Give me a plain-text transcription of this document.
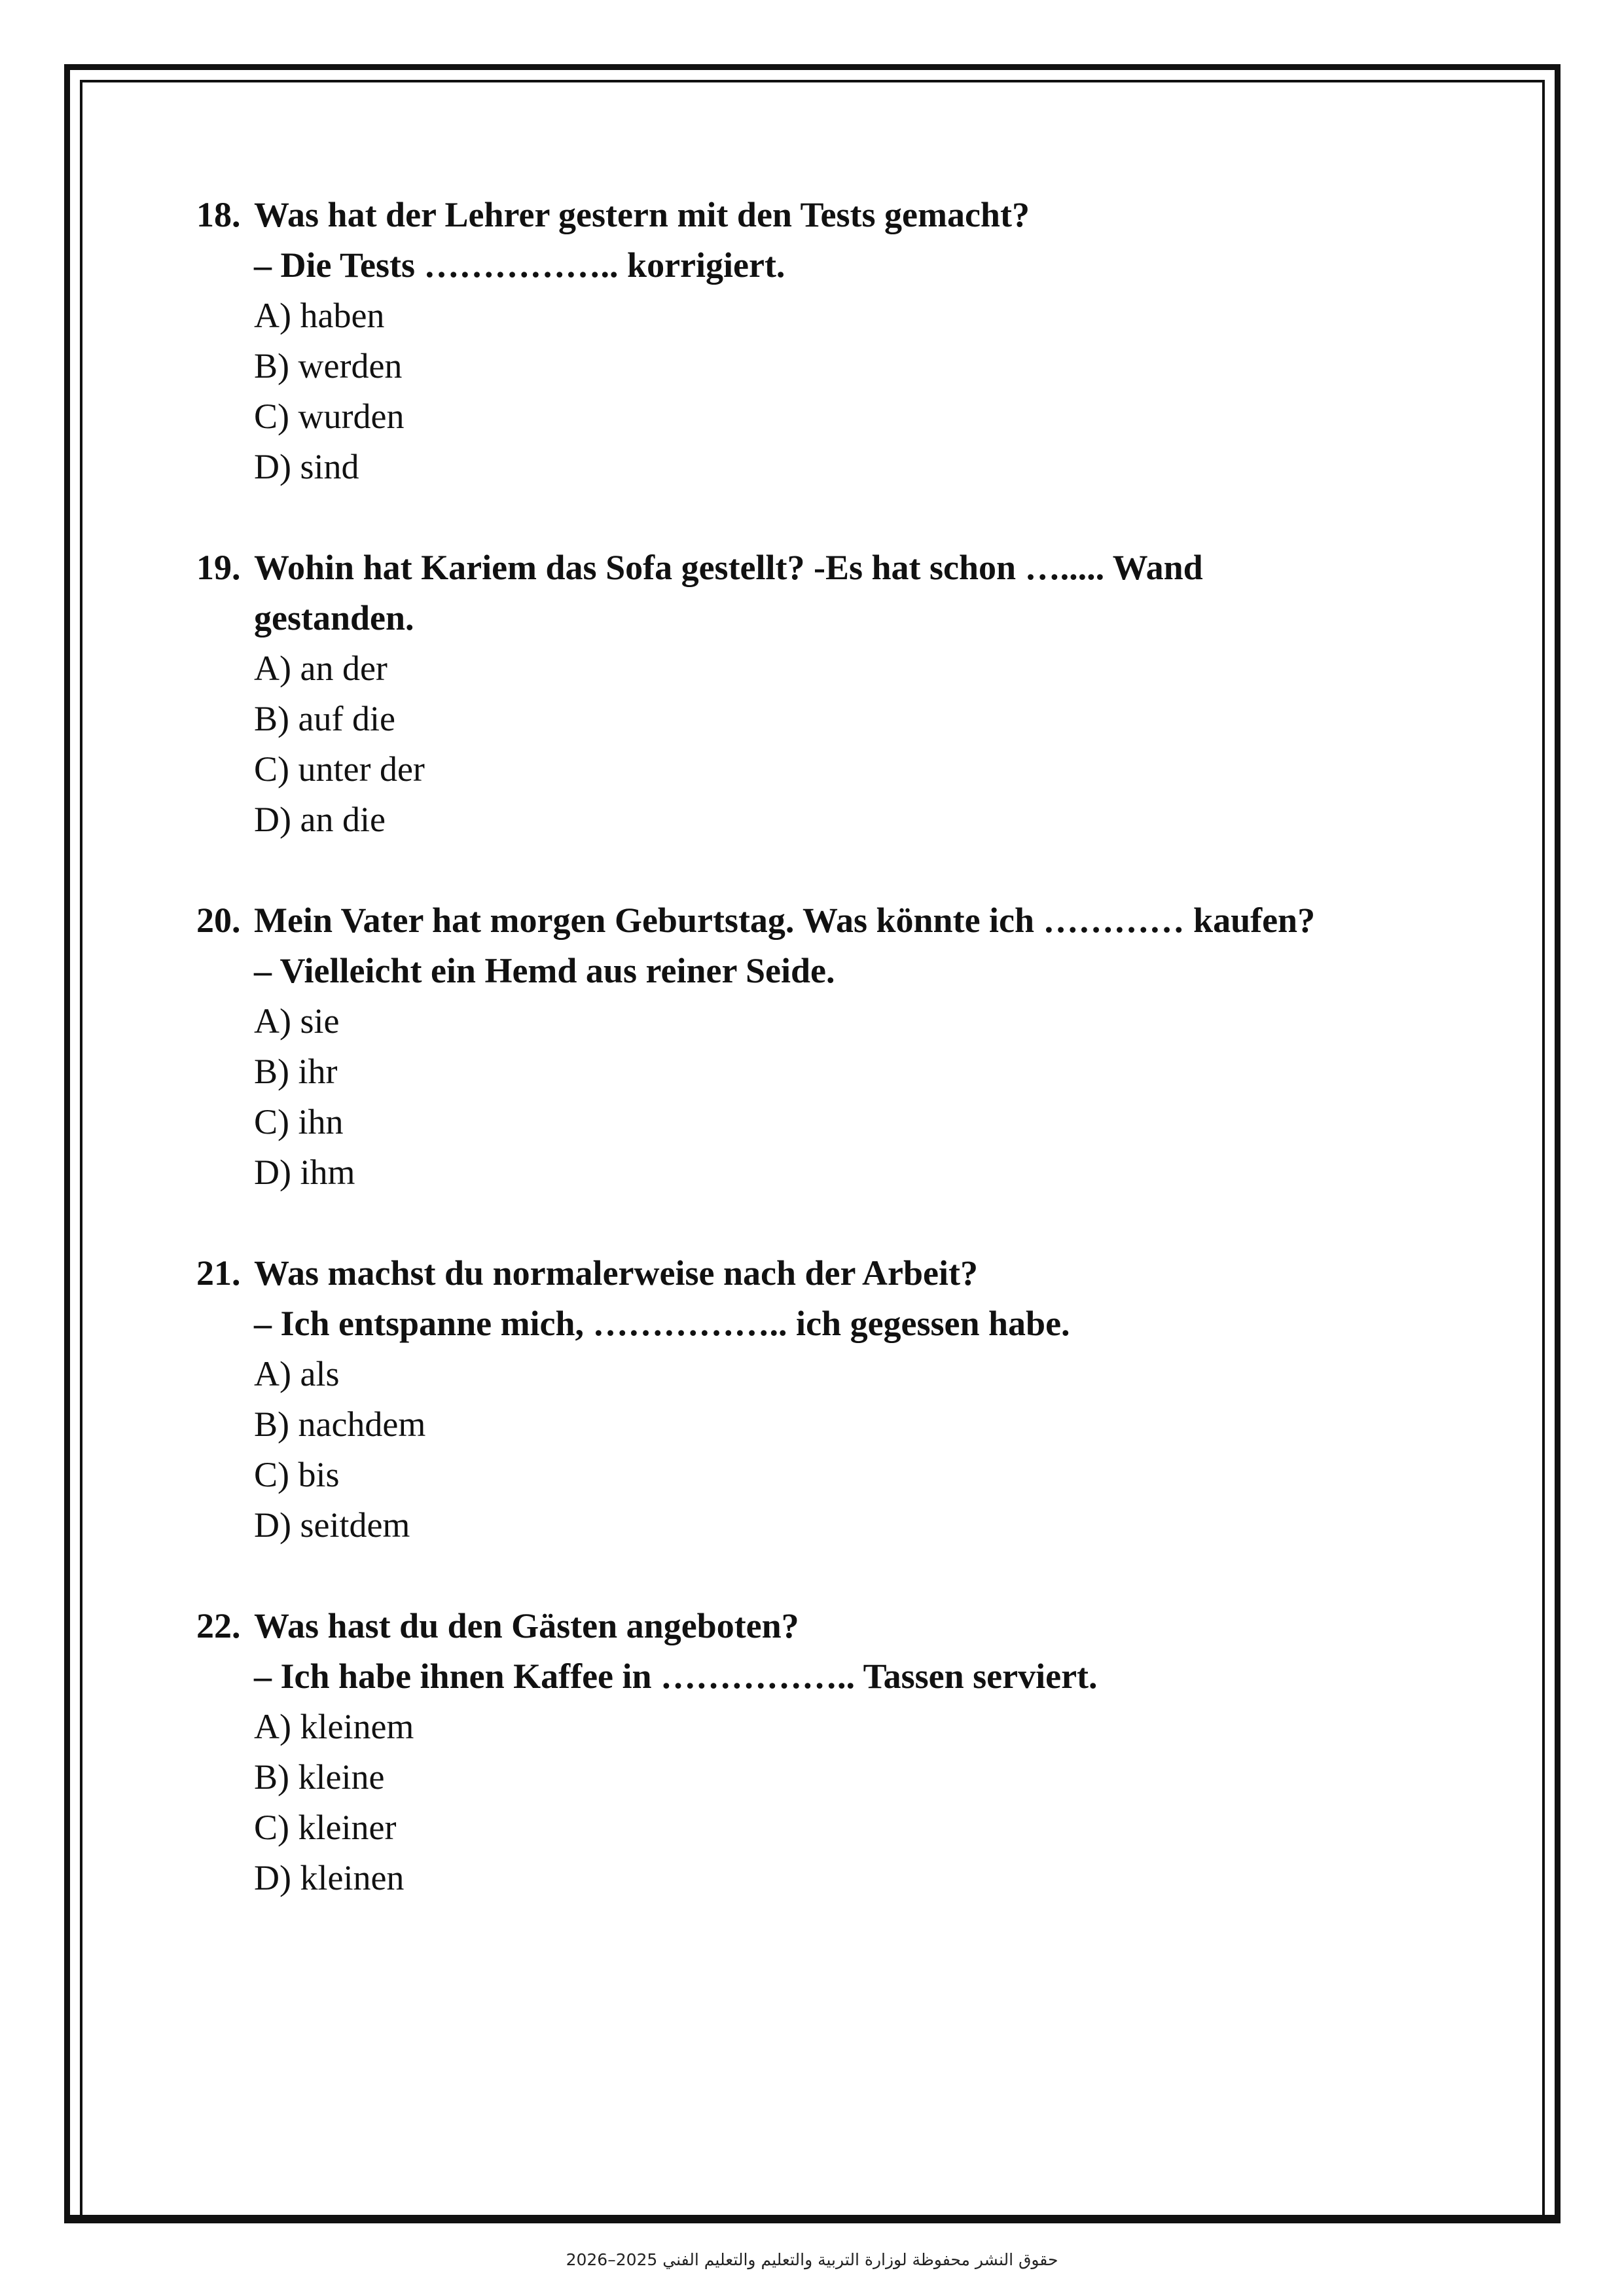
18. Was hat der Lehrer gestern mit den Tests gemacht?
– Die Tests …………….. korrigiert.
A) haben
B) werden
C) wurden
D) sind
19. Wohin hat Kariem das Sofa gestellt? -Es hat schon …..... Wand
gestanden.
A) an der
B) auf die
C) unter der
D) an die
20. Mein Vater hat morgen Geburtstag. Was könnte ich ………… kaufen?
– Vielleicht ein Hemd aus reiner Seide.
A) sie
B) ihr
C) ihn
D) ihm
21. Was machst du normalerweise nach der Arbeit?
– Ich entspanne mich, …………….. ich gegessen habe.
A) als
B) nachdem
C) bis
D) seitdem
22. Was hast du den Gästen angeboten?
– Ich habe ihnen Kaffee in …………….. Tassen serviert.
A) kleinem
B) kleine
C) kleiner
D) kleinen
حقوق النشر محفوظة لوزارة التربية والتعليم والتعليم الفني 2025–2026
